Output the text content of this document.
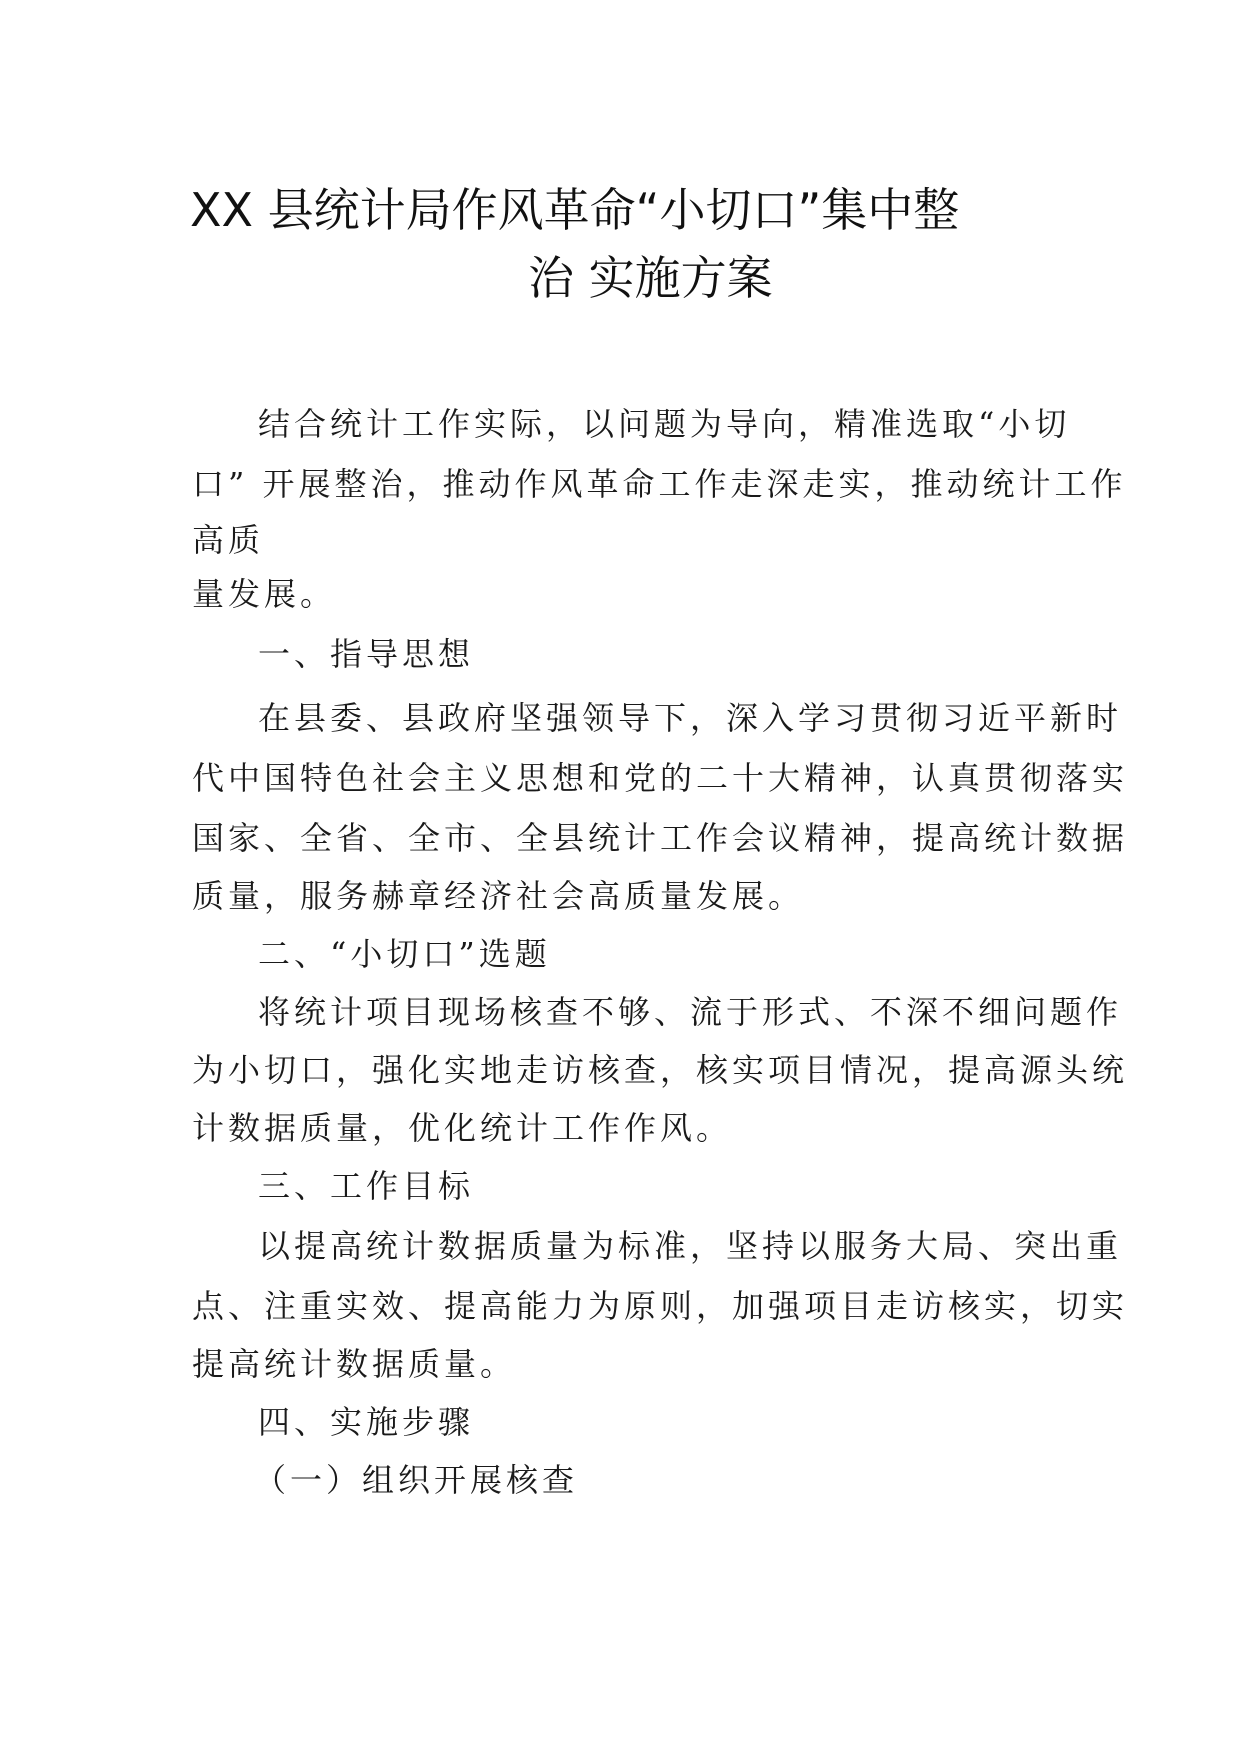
XX 县统计局作风革命“小切口”集中整
治 实施方案
结合统计工作实际，以问题为导向，精准选取“小切
口” 开展整治，推动作风革命工作走深走实，推动统计工作
高质
量发展。
一、指导思想
在县委、县政府坚强领导下，深入学习贯彻习近平新时
代中国特色社会主义思想和党的二十大精神，认真贯彻落实
国家、全省、全市、全县统计工作会议精神，提高统计数据
质量，服务赫章经济社会高质量发展。
二、“小切口”选题
将统计项目现场核查不够、流于形式、不深不细问题作
为小切口，强化实地走访核查，核实项目情况，提高源头统
计数据质量，优化统计工作作风。
三、工作目标
以提高统计数据质量为标准，坚持以服务大局、突出重
点、注重实效、提高能力为原则，加强项目走访核实，切实
提高统计数据质量。
四、实施步骤
（一）组织开展核查
